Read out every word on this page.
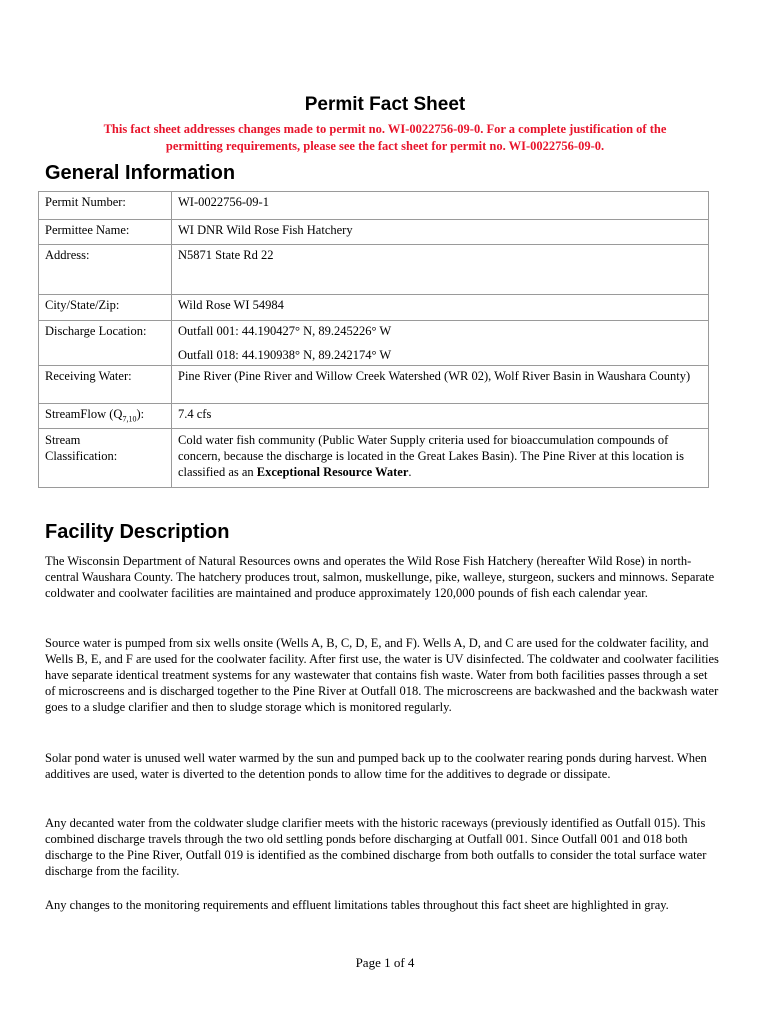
Permit Fact Sheet
This fact sheet addresses changes made to permit no. WI-0022756-09-0. For a complete justification of the
permitting requirements, please see the fact sheet for permit no. WI-0022756-09-0.
General Information
Permit Number:	WI-0022756-09-1
Permittee Name:	WI DNR Wild Rose Fish Hatchery
Address:	N5871 State Rd 22
City/State/Zip:	Wild Rose WI 54984
Discharge Location:	Outfall 001: 44.190427° N, 89.245226° W
Outfall 018: 44.190938° N, 89.242174° W

Receiving Water:	Pine River (Pine River and Willow Creek Watershed (WR 02), Wolf River Basin in Waushara County)
StreamFlow $(Q_{7,10})$:	7.4 cfs

Stream
Classification:	Cold water fish community (Public Water Supply criteria used for bioaccumulation compounds of concern, because the discharge is located in the Great Lakes Basin). The Pine River at this location is classified as an Exceptional Resource Water.
Facility Description

The Wisconsin Department of Natural Resources owns and operates the Wild Rose Fish Hatchery (hereafter Wild Rose) in north-central Waushara County. The hatchery produces trout, salmon, muskellunge, pike, walleye, sturgeon, suckers and minnows. Separate coldwater and coolwater facilities are maintained and produce approximately 120,000 pounds of fish each calendar year.

Source water is pumped from six wells onsite (Wells A, B, C, D, E, and F). Wells A, D, and C are used for the coldwater facility, and Wells B, E, and F are used for the coolwater facility. After first use, the water is UV disinfected. The coldwater and coolwater facilities have separate identical treatment systems for any wastewater that contains fish waste. Water from both facilities passes through a set of microscreens and is discharged together to the Pine River at Outfall 018. The microscreens are backwashed and the backwash water goes to a sludge clarifier and then to sludge storage which is monitored regularly.

Solar pond water is unused well water warmed by the sun and pumped back up to the coolwater rearing ponds during harvest. When additives are used, water is diverted to the detention ponds to allow time for the additives to degrade or dissipate.

Any decanted water from the coldwater sludge clarifier meets with the historic raceways (previously identified as Outfall 015). This combined discharge travels through the two old settling ponds before discharging at Outfall 001. Since Outfall 001 and 018 both discharge to the Pine River, Outfall 019 is identified as the combined discharge from both outfalls to consider the total surface water discharge from the facility.

Any changes to the monitoring requirements and effluent limitations tables throughout this fact sheet are highlighted in gray.

Page 1 of 4
